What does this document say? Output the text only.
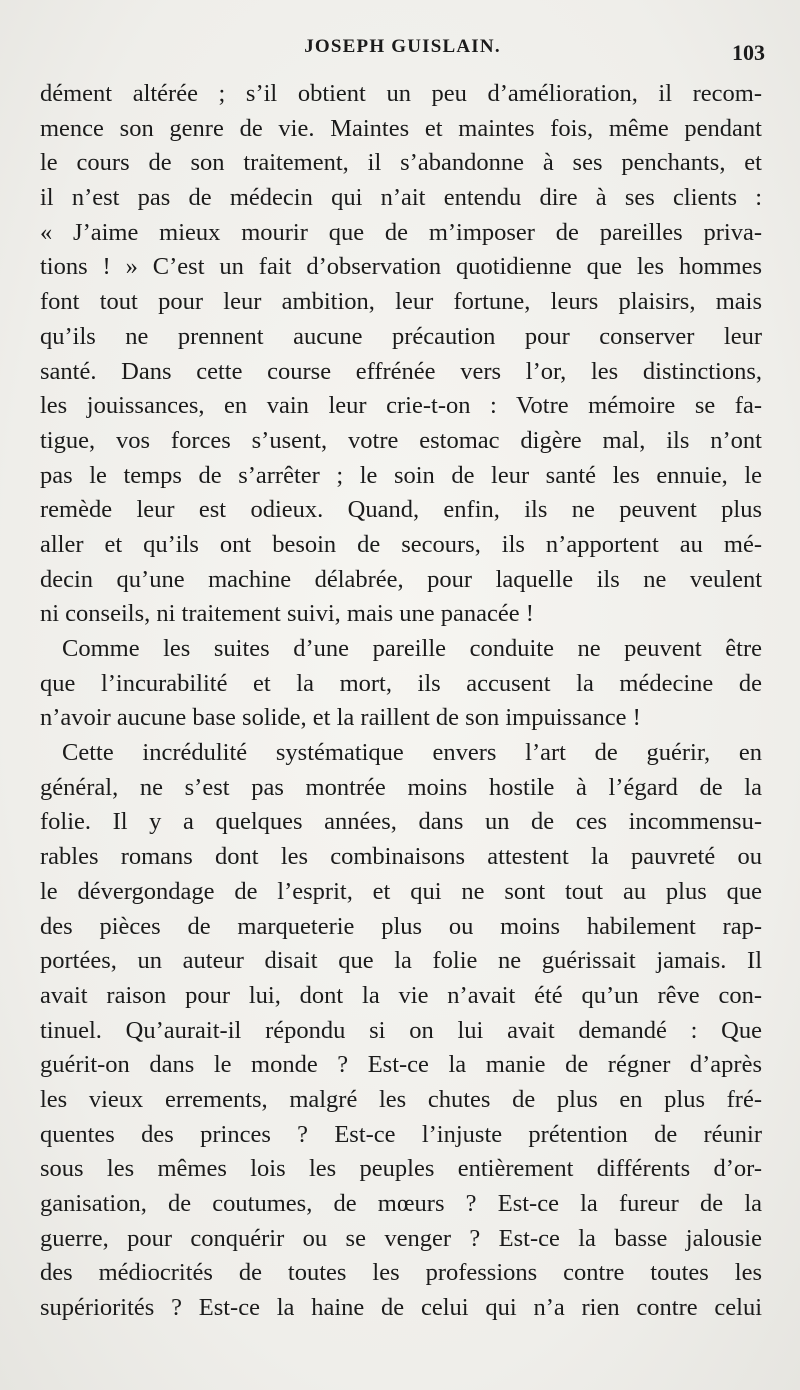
JOSEPH GUISLAIN.	103
dément altérée ; s’il obtient un peu d’amélioration, il recom-
mence son genre de vie. Maintes et maintes fois, même pendant
le cours de son traitement, il s’abandonne à ses penchants, et
il n’est pas de médecin qui n’ait entendu dire à ses clients :
« J’aime mieux mourir que de m’imposer de pareilles priva-
tions ! » C’est un fait d’observation quotidienne que les hommes
font tout pour leur ambition, leur fortune, leurs plaisirs, mais
qu’ils ne prennent aucune précaution pour conserver leur
santé. Dans cette course effrénée vers l’or, les distinctions,
les jouissances, en vain leur crie-t-on : Votre mémoire se fa-
tigue, vos forces s’usent, votre estomac digère mal, ils n’ont
pas le temps de s’arrêter ; le soin de leur santé les ennuie, le
remède leur est odieux. Quand, enfin, ils ne peuvent plus
aller et qu’ils ont besoin de secours, ils n’apportent au mé-
decin qu’une machine délabrée, pour laquelle ils ne veulent
ni conseils, ni traitement suivi, mais une panacée !
Comme les suites d’une pareille conduite ne peuvent être
que l’incurabilité et la mort, ils accusent la médecine de
n’avoir aucune base solide, et la raillent de son impuissance !
Cette incrédulité systématique envers l’art de guérir, en
général, ne s’est pas montrée moins hostile à l’égard de la
folie. Il y a quelques années, dans un de ces incommensu-
rables romans dont les combinaisons attestent la pauvreté ou
le dévergondage de l’esprit, et qui ne sont tout au plus que
des pièces de marqueterie plus ou moins habilement rap-
portées, un auteur disait que la folie ne guérissait jamais. Il
avait raison pour lui, dont la vie n’avait été qu’un rêve con-
tinuel. Qu’aurait-il répondu si on lui avait demandé : Que
guérit-on dans le monde ? Est-ce la manie de régner d’après
les vieux errements, malgré les chutes de plus en plus fré-
quentes des princes ? Est-ce l’injuste prétention de réunir
sous les mêmes lois les peuples entièrement différents d’or-
ganisation, de coutumes, de mœurs ? Est-ce la fureur de la
guerre, pour conquérir ou se venger ? Est-ce la basse jalousie
des médiocrités de toutes les professions contre toutes les
supériorités ? Est-ce la haine de celui qui n’a rien contre celui
